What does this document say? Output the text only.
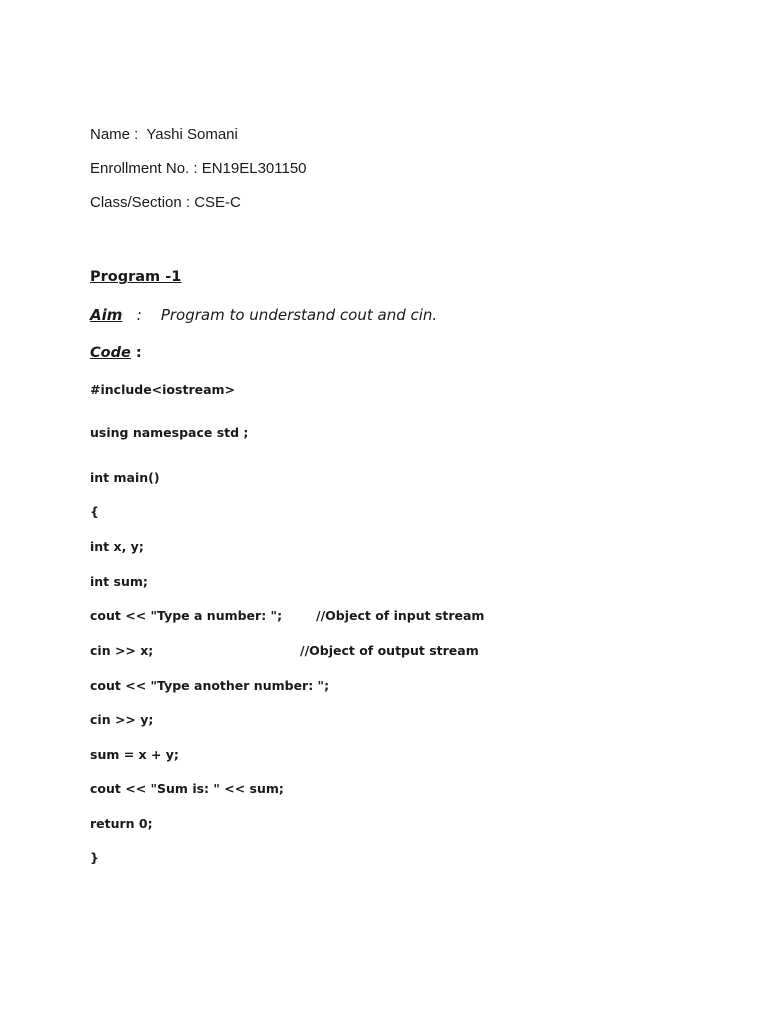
Name :  Yashi Somani
Enrollment No. : EN19EL301150
Class/Section : CSE-C
Program -1
Aim   :    Program to understand cout and cin.
Code :
#include<iostream>
using namespace std ;
int main()
{
int x, y;
int sum;
cout << "Type a number: ";	//Object of input stream
cin >> x;	//Object of output stream
cout << "Type another number: ";
cin >> y;
sum = x + y;
cout << "Sum is: " << sum;
return 0;
}
